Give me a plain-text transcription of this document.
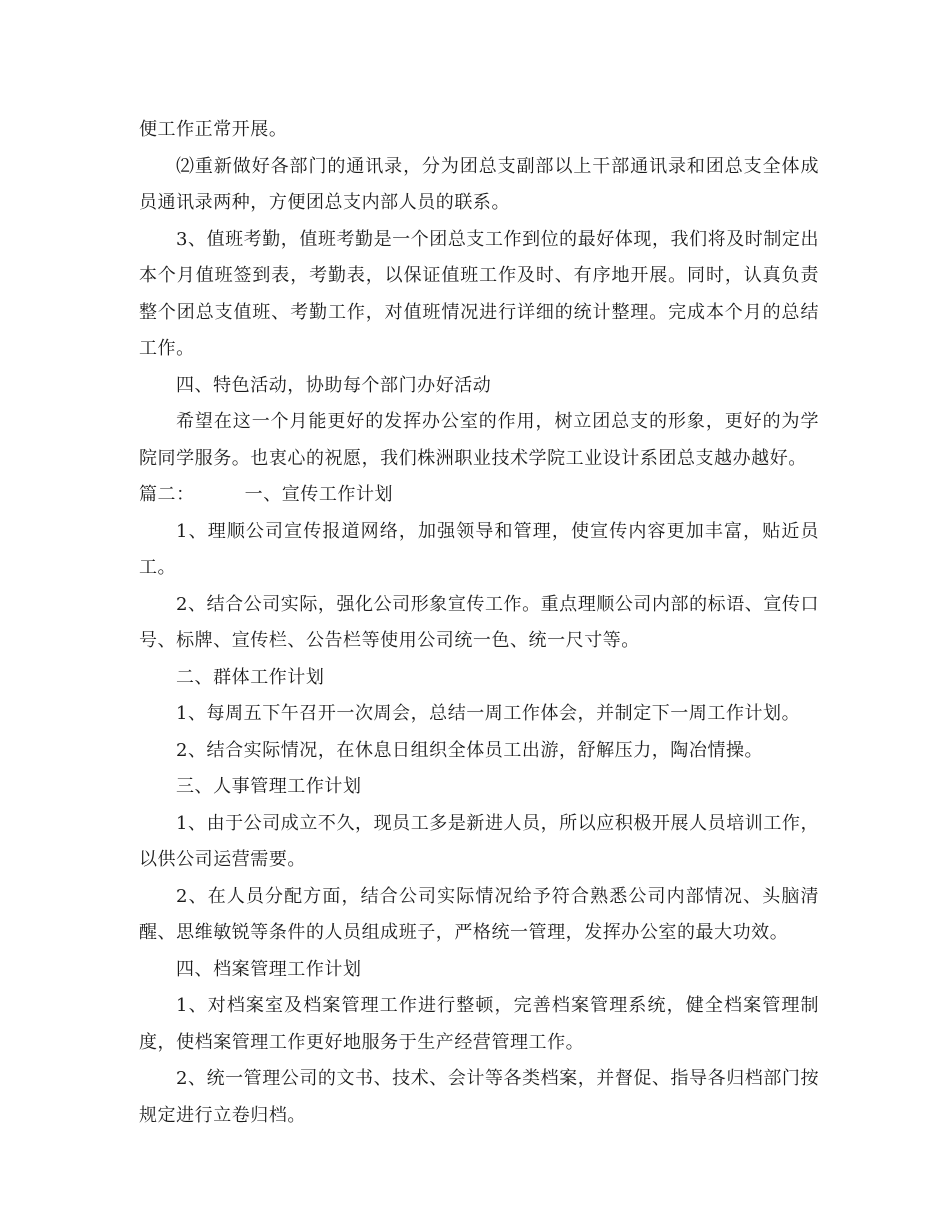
便工作正常开展。

⑵重新做好各部门的通讯录，分为团总支副部以上干部通讯录和团总支全体成员通讯录两种，方便团总支内部人员的联系。

3、值班考勤，值班考勤是一个团总支工作到位的最好体现，我们将及时制定出本个月值班签到表，考勤表，以保证值班工作及时、有序地开展。同时，认真负责整个团总支值班、考勤工作，对值班情况进行详细的统计整理。完成本个月的总结工作。

四、特色活动，协助每个部门办好活动

希望在这一个月能更好的发挥办公室的作用，树立团总支的形象，更好的为学院同学服务。也衷心的祝愿，我们株洲职业技术学院工业设计系团总支越办越好。

篇二：	一、宣传工作计划

1、理顺公司宣传报道网络，加强领导和管理，使宣传内容更加丰富，贴近员工。

2、结合公司实际，强化公司形象宣传工作。重点理顺公司内部的标语、宣传口号、标牌、宣传栏、公告栏等使用公司统一色、统一尺寸等。

二、群体工作计划

1、每周五下午召开一次周会，总结一周工作体会，并制定下一周工作计划。

2、结合实际情况，在休息日组织全体员工出游，舒解压力，陶冶情操。

三、人事管理工作计划

1、由于公司成立不久，现员工多是新进人员，所以应积极开展人员培训工作，以供公司运营需要。

2、在人员分配方面，结合公司实际情况给予符合熟悉公司内部情况、头脑清醒、思维敏锐等条件的人员组成班子，严格统一管理，发挥办公室的最大功效。

四、档案管理工作计划

1、对档案室及档案管理工作进行整顿，完善档案管理系统，健全档案管理制度，使档案管理工作更好地服务于生产经营管理工作。

2、统一管理公司的文书、技术、会计等各类档案，并督促、指导各归档部门按规定进行立卷归档。
